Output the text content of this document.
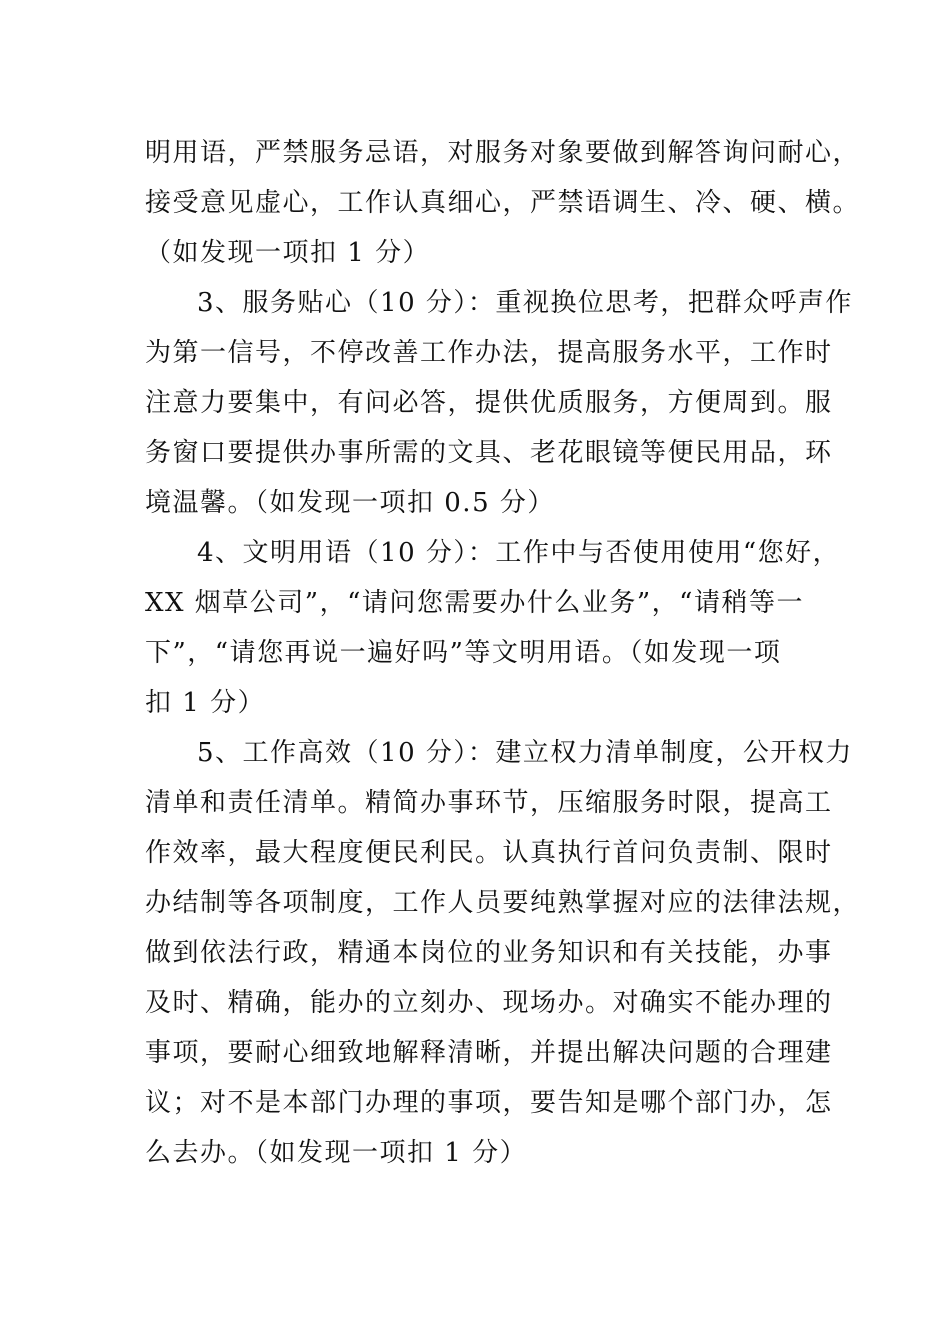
明用语，严禁服务忌语，对服务对象要做到解答询问耐心，
接受意见虚心，工作认真细心，严禁语调生、冷、硬、横。
（如发现一项扣 1 分）
3、服务贴心（10 分）：重视换位思考，把群众呼声作
为第一信号，不停改善工作办法，提高服务水平，工作时
注意力要集中，有问必答，提供优质服务，方便周到。服
务窗口要提供办事所需的文具、老花眼镜等便民用品，环
境温馨。（如发现一项扣 0.5 分）
4、文明用语（10 分）：工作中与否使用使用“您好，
XX 烟草公司”，“请问您需要办什么业务”，“请稍等一
下”，“请您再说一遍好吗”等文明用语。（如发现一项
扣 1 分）
5、工作高效（10 分）：建立权力清单制度，公开权力
清单和责任清单。精简办事环节，压缩服务时限，提高工
作效率，最大程度便民利民。认真执行首问负责制、限时
办结制等各项制度，工作人员要纯熟掌握对应的法律法规，
做到依法行政，精通本岗位的业务知识和有关技能，办事
及时、精确，能办的立刻办、现场办。对确实不能办理的
事项，要耐心细致地解释清晰，并提出解决问题的合理建
议；对不是本部门办理的事项，要告知是哪个部门办，怎
么去办。（如发现一项扣 1 分）
